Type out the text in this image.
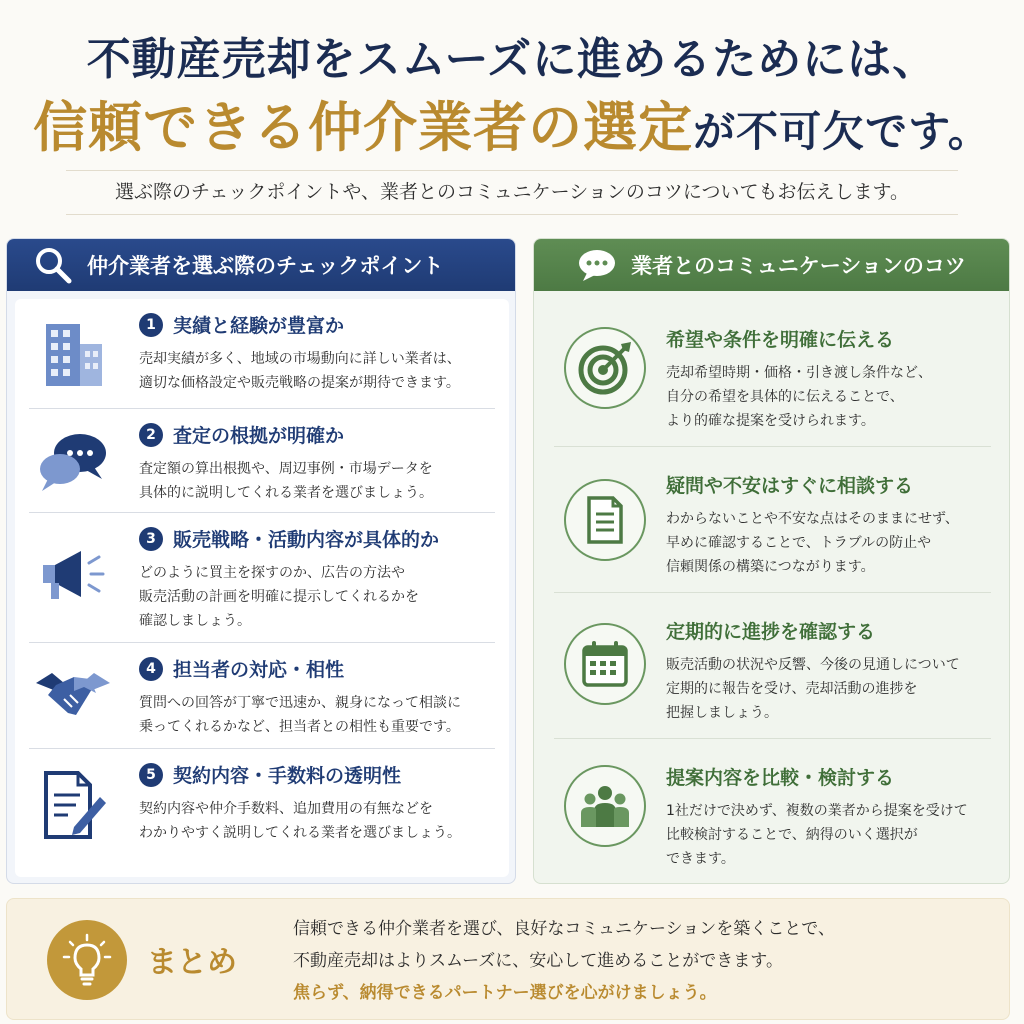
不動産売却をスムーズに進めるためには、
信頼できる仲介業者の選定が不可欠です。
選ぶ際のチェックポイントや、業者とのコミュニケーションのコツについてもお伝えします。
仲介業者を選ぶ際のチェックポイント
1 実績と経験が豊富か
売却実績が多く、地域の市場動向に詳しい業者は、
適切な価格設定や販売戦略の提案が期待できます。
2 査定の根拠が明確か
査定額の算出根拠や、周辺事例・市場データを
具体的に説明してくれる業者を選びましょう。
3 販売戦略・活動内容が具体的か
どのように買主を探すのか、広告の方法や
販売活動の計画を明確に提示してくれるかを
確認しましょう。
4 担当者の対応・相性
質問への回答が丁寧で迅速か、親身になって相談に
乗ってくれるかなど、担当者との相性も重要です。
5 契約内容・手数料の透明性
契約内容や仲介手数料、追加費用の有無などを
わかりやすく説明してくれる業者を選びましょう。
業者とのコミュニケーションのコツ
希望や条件を明確に伝える
売却希望時期・価格・引き渡し条件など、
自分の希望を具体的に伝えることで、
より的確な提案を受けられます。
疑問や不安はすぐに相談する
わからないことや不安な点はそのままにせず、
早めに確認することで、トラブルの防止や
信頼関係の構築につながります。
定期的に進捗を確認する
販売活動の状況や反響、今後の見通しについて
定期的に報告を受け、売却活動の進捗を
把握しましょう。
提案内容を比較・検討する
1社だけで決めず、複数の業者から提案を受けて
比較検討することで、納得のいく選択が
できます。
まとめ
信頼できる仲介業者を選び、良好なコミュニケーションを築くことで、
不動産売却はよりスムーズに、安心して進めることができます。
焦らず、納得できるパートナー選びを心がけましょう。
